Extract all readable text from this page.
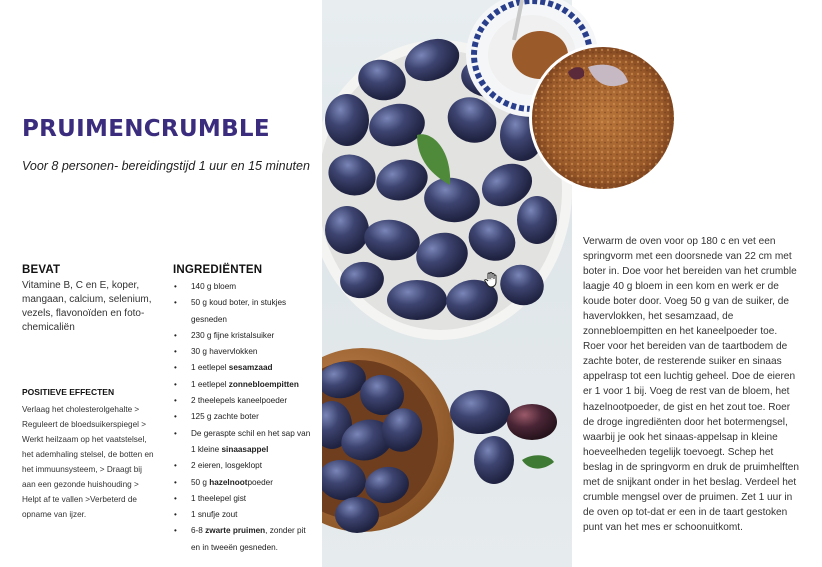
PRUIMENCRUMBLE
Voor 8 personen- bereidingstijd 1 uur en 15 minuten
BEVAT
Vitamine B, C en E, koper, mangaan, calcium, selenium, vezels, flavonoïden en foto-chemicaliën
POSITIEVE EFFECTEN
Verlaag het cholesterolgehalte > Reguleert de bloedsuikerspiegel > Werkt heilzaam op het vaatstelsel, het ademhaling stelsel, de botten en het immuunsysteem, > Draagt bij aan een gezonde huishouding > Helpt af te vallen >Verbeterd de opname van ijzer.
INGREDIËNTEN
• 140 g bloem
• 50 g koud boter, in stukjes gesneden
• 230 g fijne kristalsuiker
• 30 g havervlokken
• 1 eetlepel sesamzaad
• 1 eetlepel zonnebloempitten
• 2 theelepels kaneelpoeder
• 125 g zachte boter
• De geraspte schil en het sap van 1 kleine sinaasappel
• 2 eieren, losgeklopt
• 50 g hazelnootpoeder
• 1 theelepel gist
• 1 snufje zout
• 6-8 zwarte pruimen, zonder pit en in tweeën gesneden.
Verwarm de oven voor op 180 c en vet een springvorm met een doorsnede van 22 cm met boter in. Doe voor het bereiden van het crumble laagje 40 g bloem in een kom en werk er de koude boter door. Voeg 50 g van de suiker, de havervlokken, het sesamzaad, de zonnebloempitten en het kaneelpoeder toe. Roer voor het bereiden van de taartbodem de zachte boter, de resterende suiker en sinaas appelrasp tot een luchtig geheel. Doe de eieren er 1 voor 1 bij. Voeg de rest van de bloem, het hazelnootpoeder, de gist en het zout toe. Roer de droge ingrediënten door het botermengsel, waarbij je ook het sinaas-appelsap in kleine hoeveelheden tegelijk toevoegt. Schep het beslag in de springvorm en druk de pruimhelften met de snijkant onder in het beslag. Verdeel het crumble mengsel over de pruimen. Zet 1 uur in de oven op tot-dat er een in de taart gestoken punt van het mes er schoonuitkomt.
